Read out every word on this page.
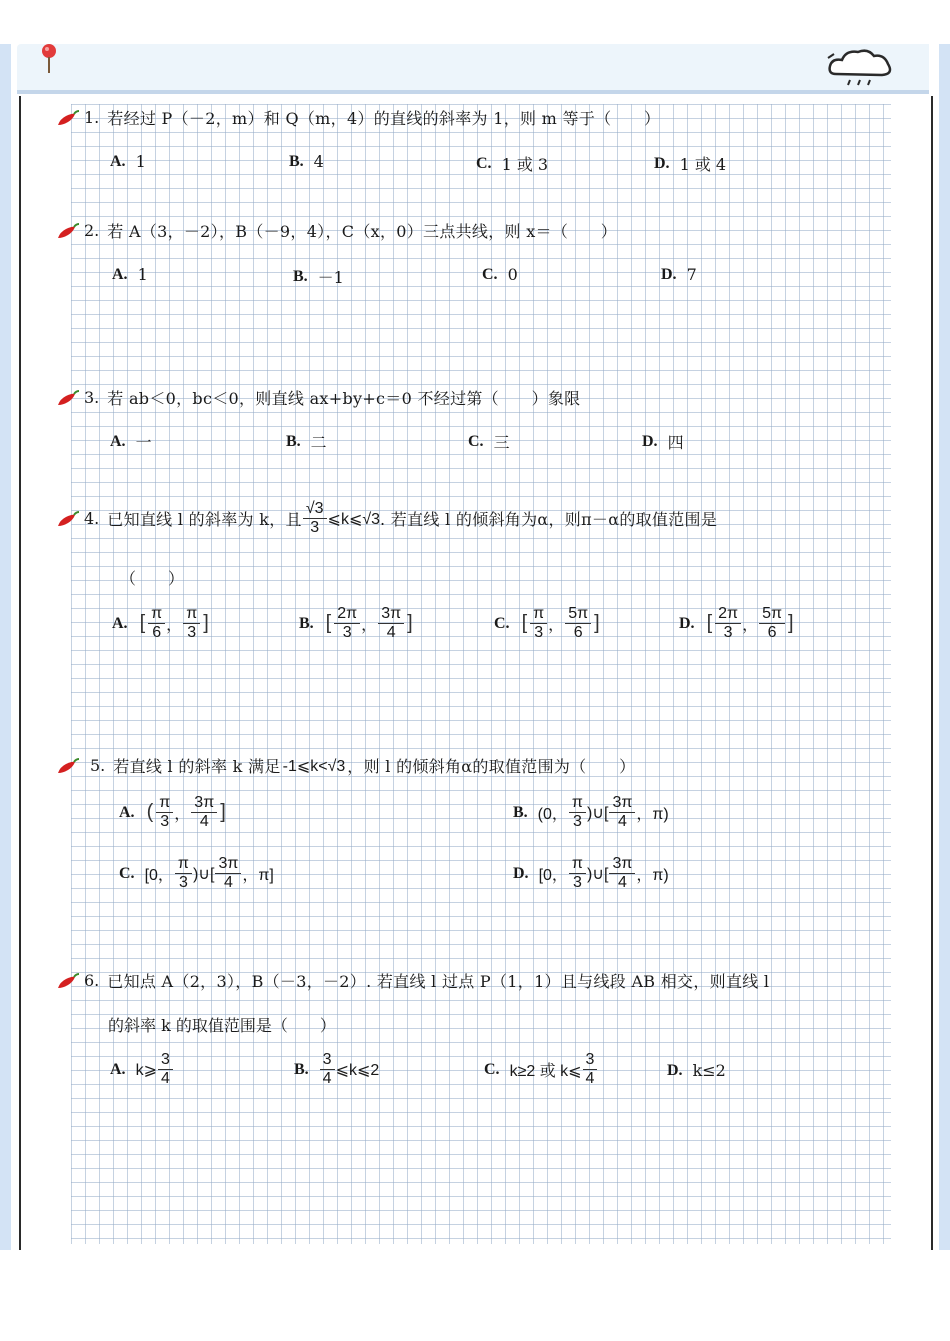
1. 若经过 P（－2，m）和 Q（m，4）的直线的斜率为 1，则 m 等于（　　）
A. 1	B. 4	C. 1 或 3	D. 1 或 4
2. 若 A（3，－2），B（－9，4），C（x，0）三点共线，则 x＝（　　）
A. 1	B. －1	C. 0	D. 7
3. 若 ab＜0，bc＜0，则直线 ax+by+c＝0 不经过第（　　）象限
A. 一	B. 二	C. 三	D. 四
4. 已知直线 l 的斜率为 k，且 $\frac{√3}{3}$ ⩽k⩽√3 . 若直线 l 的倾斜角为α，则π－α的取值范围是
（　　）
A. [ $\frac{\pi}{6}$ ， $\frac{\pi}{3}$ ]	B. [ $\frac{2\pi}{3}$ ， $\frac{3\pi}{4}$ ]	C. [ $\frac{\pi}{3}$ ， $\frac{5\pi}{6}$ ]	D. [ $\frac{2\pi}{3}$ ， $\frac{5\pi}{6}$ ]
5. 若直线 l 的斜率 k 满足 -1⩽k<√3 ，则 l 的倾斜角α的取值范围为（　　）
A. ( $\frac{\pi}{3}$ ， $\frac{3\pi}{4}$ ]	B. (0， $\frac{\pi}{3}$ )∪[ $\frac{3\pi}{4}$ ，π)
C. [0， $\frac{\pi}{3}$ )∪[ $\frac{3\pi}{4}$ ，π]	D. [0， $\frac{\pi}{3}$ )∪[ $\frac{3\pi}{4}$ ，π)
6. 已知点 A（2，3），B（－3，－2）. 若直线 l 过点 P（1，1）且与线段 AB 相交，则直线 l
的斜率 k 的取值范围是（　　）
A. k⩾ $\frac{3}{4}$	B. $\frac{3}{4}$ ⩽k⩽2	C. k≥2 或 k⩽ $\frac{3}{4}$	D. k≤2
